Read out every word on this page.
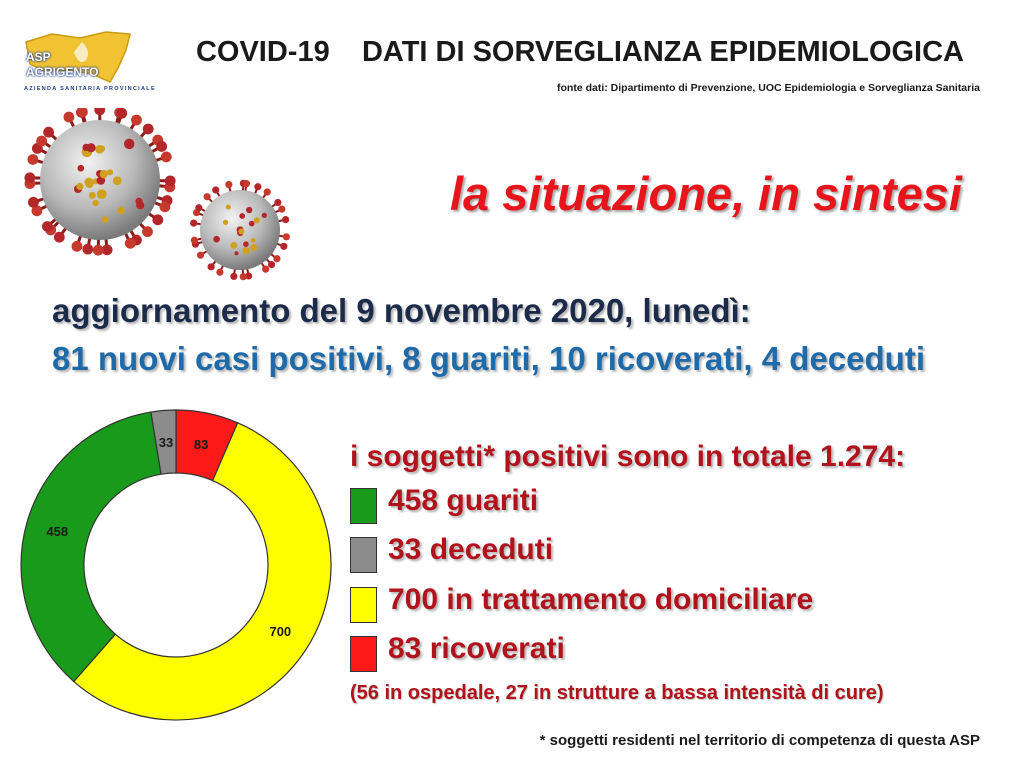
ASP
AGRIGENTO
AZIENDA SANITARIA PROVINCIALE
COVID-19    DATI DI SORVEGLIANZA EPIDEMIOLOGICA
fonte dati: Dipartimento di Prevenzione, UOC Epidemiologia e Sorveglianza Sanitaria
la situazione, in sintesi
aggiornamento del 9 novembre 2020, lunedì:
81 nuovi casi positivi, 8 guariti, 10 ricoverati, 4 deceduti
83
700
458
33	i soggetti* positivi sono in totale 1.274:
458 guariti
33 deceduti
700 in trattamento domiciliare
83 ricoverati
(56 in ospedale, 27 in strutture a bassa intensità di cure)
* soggetti residenti nel territorio di competenza di questa ASP
